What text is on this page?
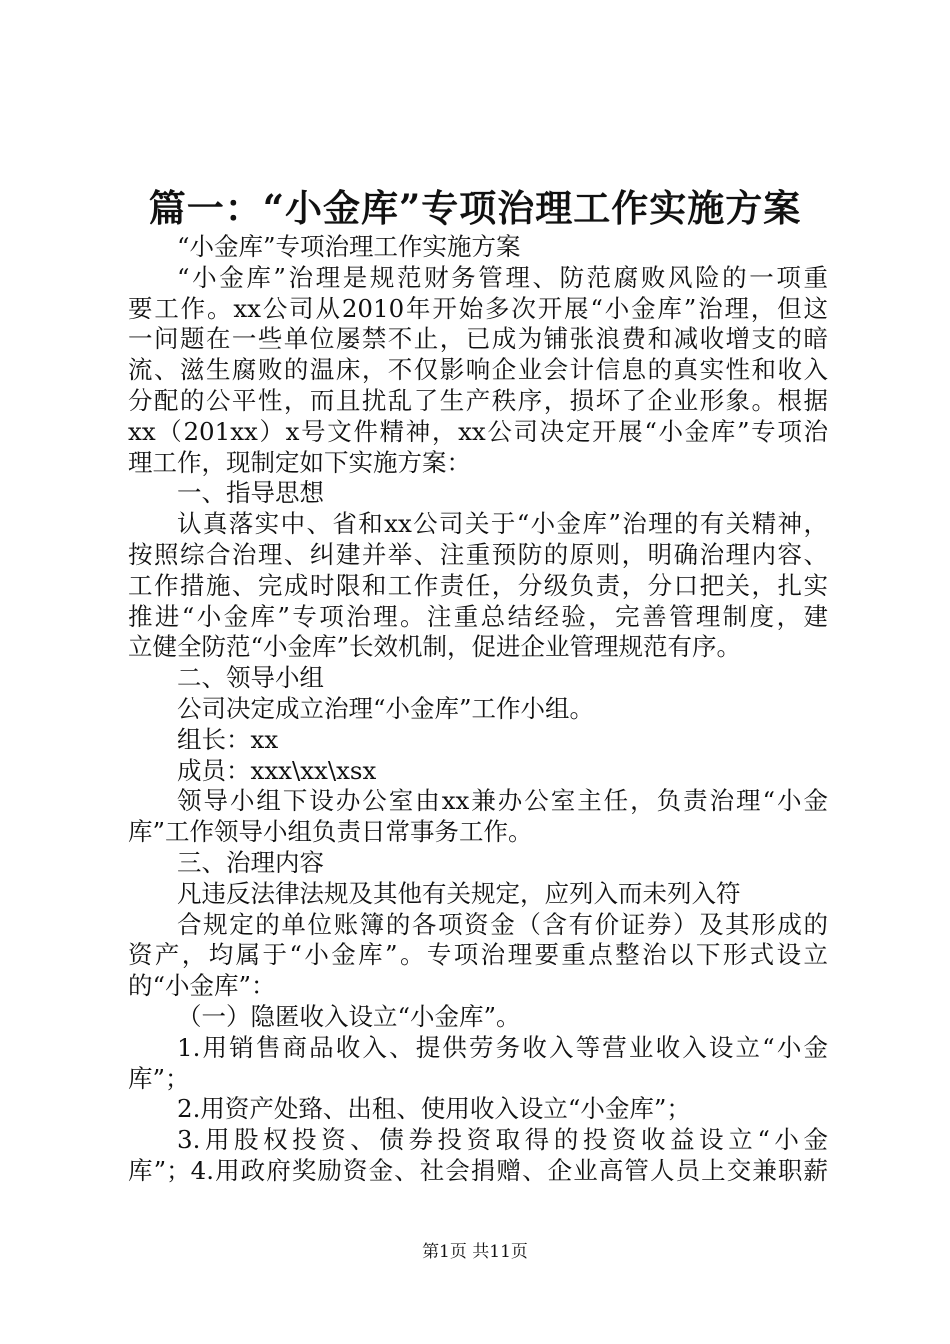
篇一：“小金库”专项治理工作实施方案
“小金库”专项治理工作实施方案
“小金库”治理是规范财务管理、防范腐败风险的一项重
要工作。xx公司从2010年开始多次开展“小金库”治理，但这
一问题在一些单位屡禁不止，已成为铺张浪费和减收增支的暗
流、滋生腐败的温床，不仅影响企业会计信息的真实性和收入
分配的公平性，而且扰乱了生产秩序，损坏了企业形象。根据
xx（201xx）x号文件精神，xx公司决定开展“小金库”专项治
理工作，现制定如下实施方案：
一、指导思想
认真落实中、省和xx公司关于“小金库”治理的有关精神，
按照综合治理、纠建并举、注重预防的原则，明确治理内容、
工作措施、完成时限和工作责任，分级负责，分口把关，扎实
推进“小金库”专项治理。注重总结经验，完善管理制度，建
立健全防范“小金库”长效机制，促进企业管理规范有序。
二、领导小组
公司决定成立治理“小金库”工作小组。
组长：xx
成员：xxx\xx\xsx
领导小组下设办公室由xx兼办公室主任，负责治理“小金
库”工作领导小组负责日常事务工作。
三、治理内容
凡违反法律法规及其他有关规定，应列入而未列入符
合规定的单位账簿的各项资金（含有价证券）及其形成的
资产，均属于“小金库”。专项治理要重点整治以下形式设立
的“小金库”：
（一）隐匿收入设立“小金库”。
1.用销售商品收入、提供劳务收入等营业收入设立“小金
库”；
2.用资产处臵、出租、使用收入设立“小金库”；
3.用股权投资、债券投资取得的投资收益设立“小金
库”；4.用政府奖励资金、社会捐赠、企业高管人员上交兼职薪
第1页 共11页
